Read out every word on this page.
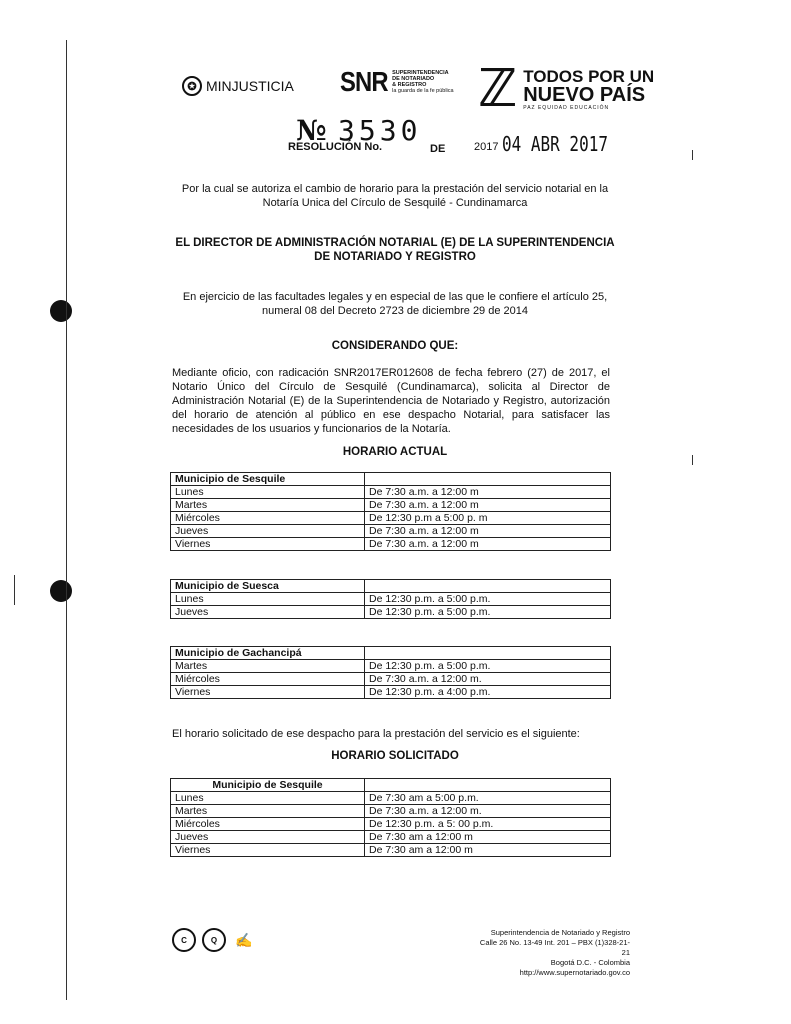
✪ MINJUSTICIA SNR SUPERINTENDENCIA
DE NOTARIADO
& REGISTRO
la guarda de la fe pública ℤ TODOS POR UN
NUEVO PAÍS
PAZ EQUIDAD EDUCACIÓN
№ 3530
RESOLUCIÓN No.	DE	2017 04 ABR 2017
Por la cual se autoriza el cambio de horario para la prestación del servicio notarial en la
Notaría Unica del Círculo de Sesquilé - Cundinamarca
EL DIRECTOR DE ADMINISTRACIÓN NOTARIAL (E) DE LA SUPERINTENDENCIA
DE NOTARIADO Y REGISTRO
En ejercicio de las facultades legales y en especial de las que le confiere el artículo 25,
numeral 08 del Decreto 2723 de diciembre 29 de 2014
CONSIDERANDO QUE:
Mediante oficio, con radicación SNR2017ER012608 de fecha febrero (27) de 2017, el Notario Único del Círculo de Sesquilé (Cundinamarca), solicita al Director de Administración Notarial (E) de la Superintendencia de Notariado y Registro, autorización del horario de atención al público en ese despacho Notarial, para satisfacer las necesidades de los usuarios y funcionarios de la Notaría.
HORARIO ACTUAL
Municipio de Sesquile	
Lunes	De 7:30 a.m. a 12:00 m
Martes	De 7:30 a.m. a 12:00 m
Miércoles	De 12:30 p.m a 5:00 p. m
Jueves	De 7:30 a.m. a 12:00 m
Viernes	De 7:30 a.m. a 12:00 m
Municipio de Suesca	
Lunes	De 12:30 p.m. a 5:00 p.m.
Jueves	De 12:30 p.m. a 5:00 p.m.
Municipio de Gachancipá	
Martes	De 12:30 p.m. a 5:00 p.m.
Miércoles	De 7:30 a.m. a 12:00 m.
Viernes	De 12:30 p.m. a 4:00 p.m.
El horario solicitado de ese despacho para la prestación del servicio es el siguiente:
HORARIO SOLICITADO
Municipio de Sesquile	
Lunes	De 7:30 am a 5:00 p.m.
Martes	De 7:30 a.m. a 12:00 m.
Miércoles	De 12:30 p.m. a 5: 00 p.m.
Jueves	De 7:30 am a 12:00 m
Viernes	De 7:30 am a 12:00 m
C	Q	✍	Superintendencia de Notariado y Registro
Calle 26 No. 13-49 Int. 201 – PBX (1)328-21- 21
Bogotá D.C. - Colombia
http://www.supernotariado.gov.co
